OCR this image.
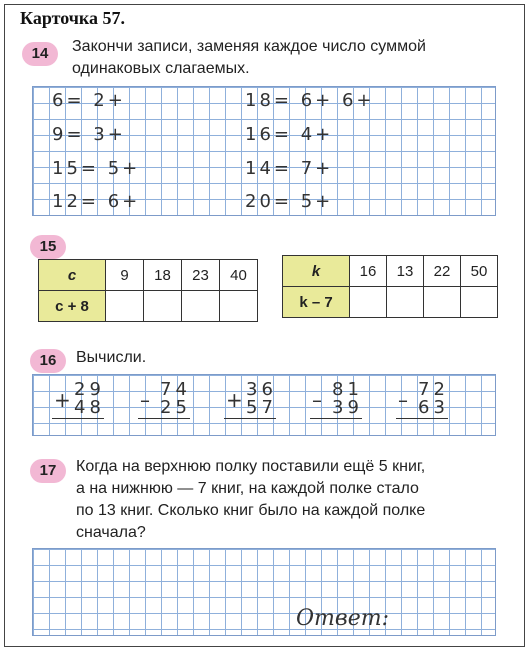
Карточка 57.
14	Закончи записи, заменяя каждое число суммой
одинаковых слагаемых.
6= 2+
9= 3+
15= 5+
12= 6+
18= 6+ 6+
16= 4+
14= 7+
20= 5+
15
c	9	18	23	40
c + 8				
k	16	13	22	50
k – 7				
16	Вычисли.
+ 29
48 – 74
25 + 36
57 – 81
39 – 72
63
17	Когда на верхнюю полку поставили ещё 5 книг,
а на нижнюю — 7 книг, на каждой полке стало
по 13 книг. Сколько книг было на каждой полке
сначала?
Ответ:
